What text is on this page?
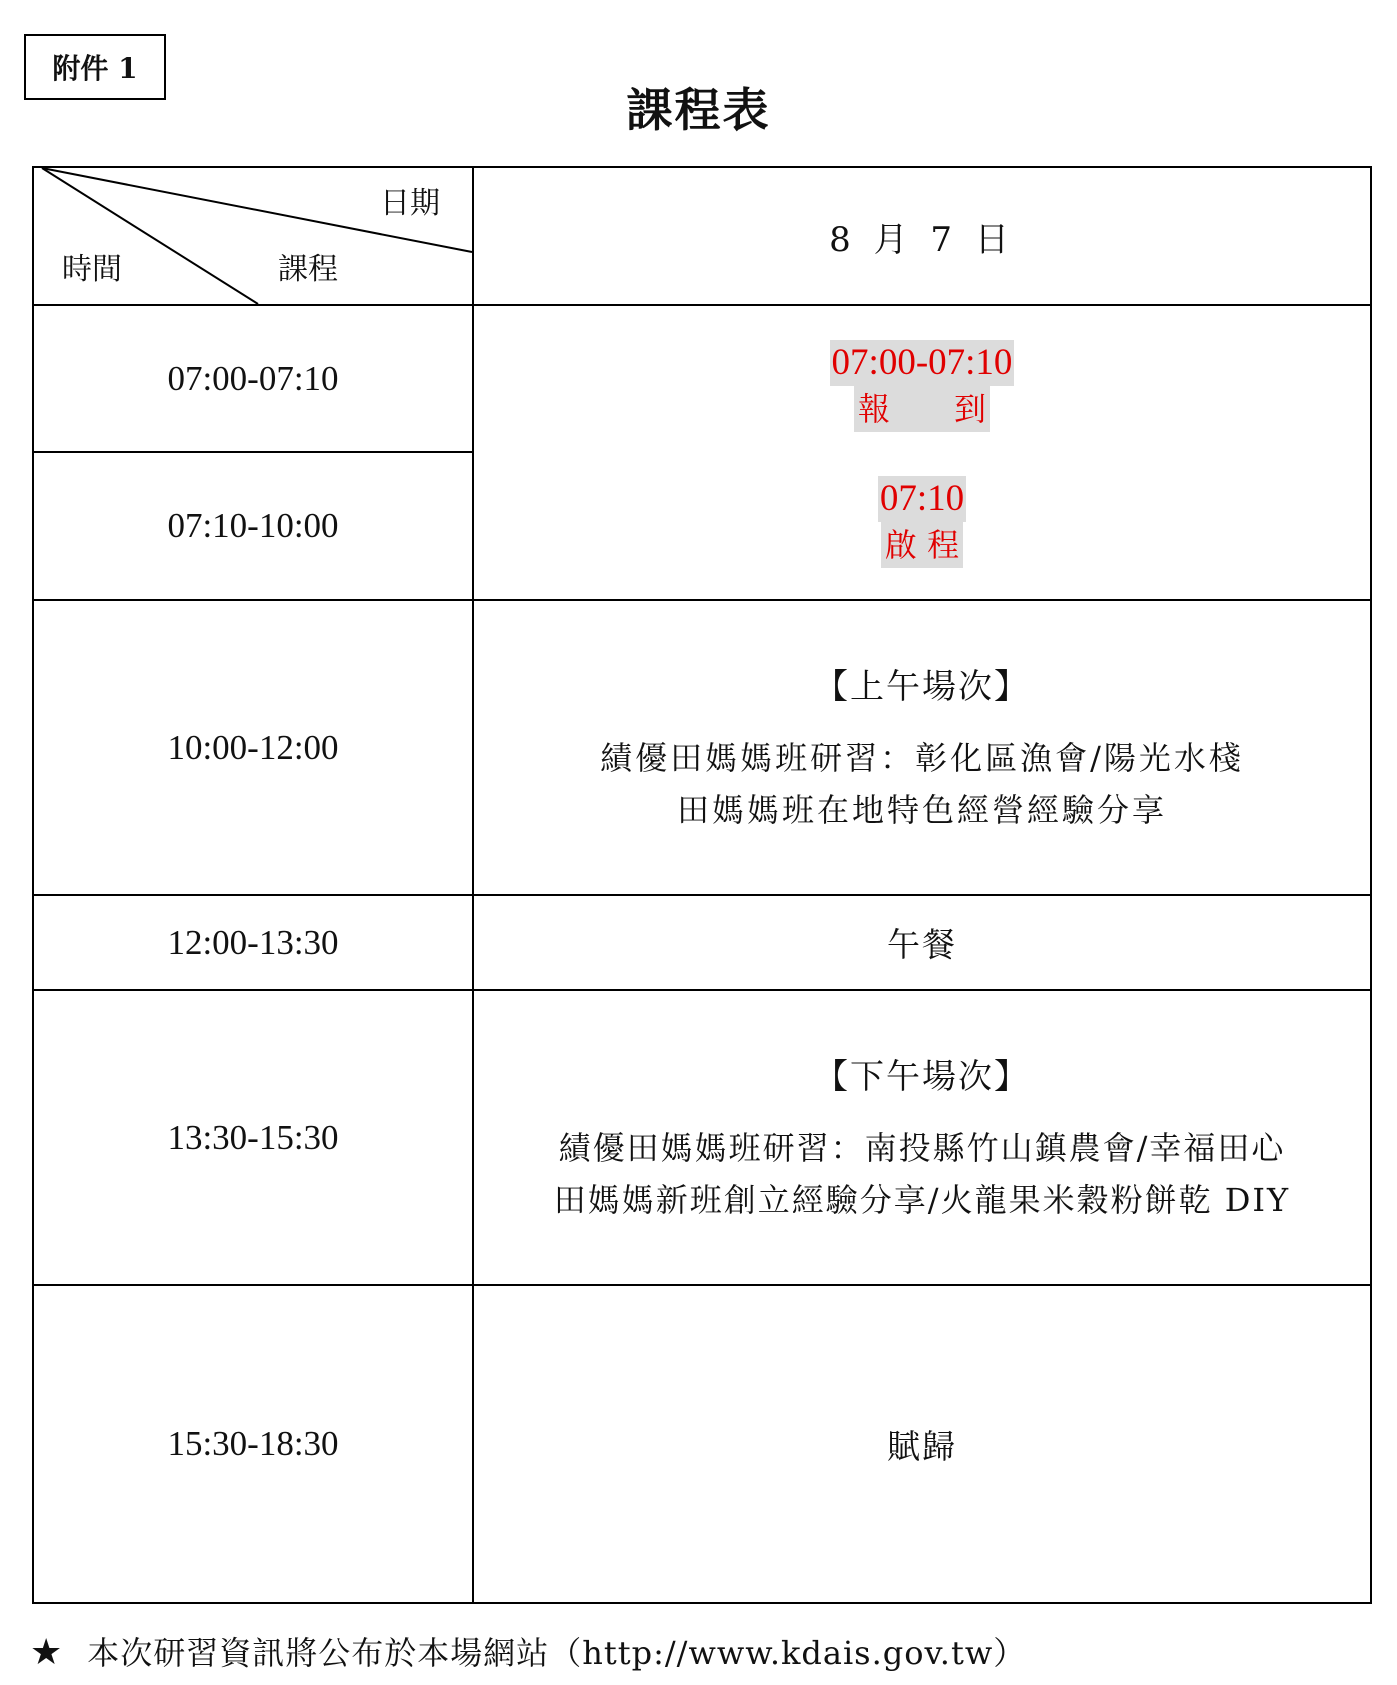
附件 1
課程表
日期
時間	課程
8 月 7 日
07:00-07:10
07:10-10:00
10:00-12:00
12:00-13:30
13:30-15:30
15:30-18:30
07:00-07:10
報　　到
07:10
啟 程
【上午場次】
績優田媽媽班研習：彰化區漁會/陽光水棧
田媽媽班在地特色經營經驗分享
午餐
【下午場次】
績優田媽媽班研習：南投縣竹山鎮農會/幸福田心
田媽媽新班創立經驗分享/火龍果米穀粉餅乾 DIY
賦歸
★ 本次研習資訊將公布於本場網站（http://www.kdais.gov.tw）
